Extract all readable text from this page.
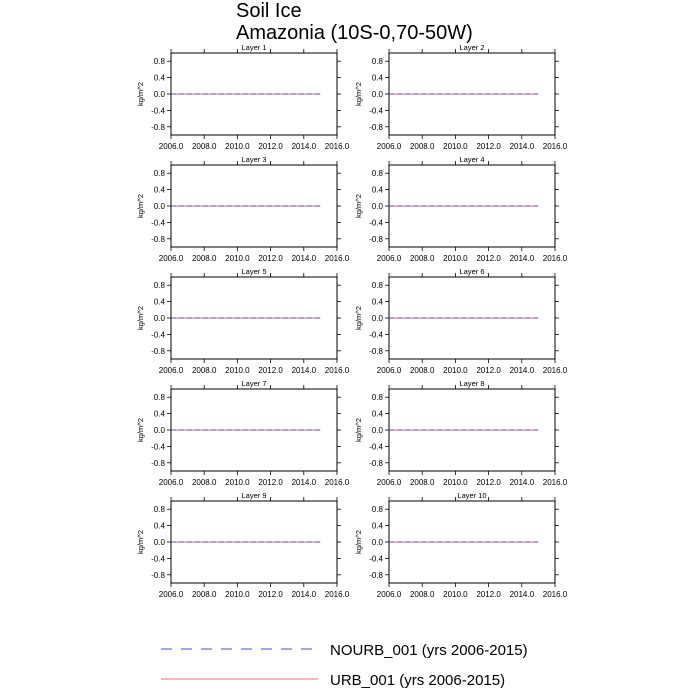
Soil Ice
Amazonia (10S-0,70-50W)
Layer 1
0.8
0.4
0.0
-0.4
-0.8
2006.0 2008.0 2010.0 2012.0 2014.0 2016.0
kg/m^2
Layer 2
0.8
0.4
0.0
-0.4
-0.8
2006.0 2008.0 2010.0 2012.0 2014.0 2016.0
kg/m^2
Layer 3
0.8
0.4
0.0
-0.4
-0.8
2006.0 2008.0 2010.0 2012.0 2014.0 2016.0
kg/m^2
Layer 4
0.8
0.4
0.0
-0.4
-0.8
2006.0 2008.0 2010.0 2012.0 2014.0 2016.0
kg/m^2
Layer 5
0.8
0.4
0.0
-0.4
-0.8
2006.0 2008.0 2010.0 2012.0 2014.0 2016.0
kg/m^2
Layer 6
0.8
0.4
0.0
-0.4
-0.8
2006.0 2008.0 2010.0 2012.0 2014.0 2016.0
kg/m^2
Layer 7
0.8
0.4
0.0
-0.4
-0.8
2006.0 2008.0 2010.0 2012.0 2014.0 2016.0
kg/m^2
Layer 8
0.8
0.4
0.0
-0.4
-0.8
2006.0 2008.0 2010.0 2012.0 2014.0 2016.0
kg/m^2
Layer 9
0.8
0.4
0.0
-0.4
-0.8
2006.0 2008.0 2010.0 2012.0 2014.0 2016.0
kg/m^2
Layer 10
0.8
0.4
0.0
-0.4
-0.8
2006.0 2008.0 2010.0 2012.0 2014.0 2016.0
kg/m^2
NOURB_001 (yrs 2006-2015)
URB_001 (yrs 2006-2015)
